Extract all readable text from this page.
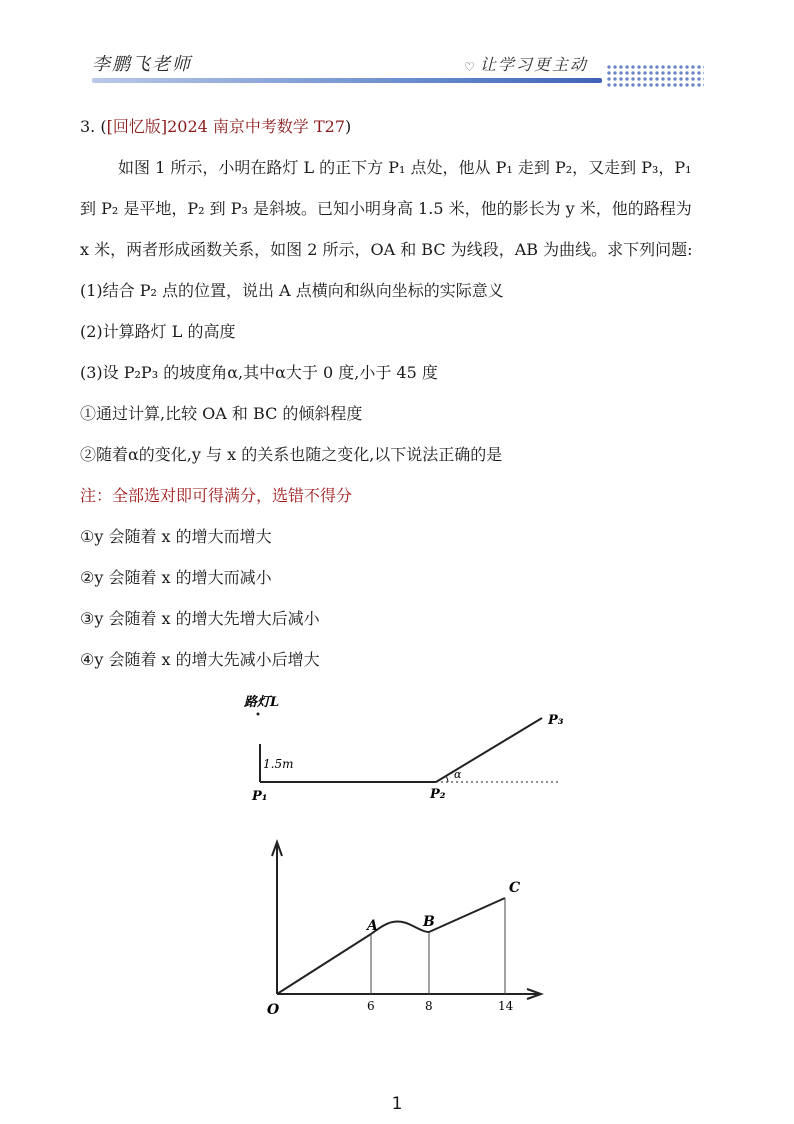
李鹏飞老师	♡ 让学习更主动
3. ([回忆版]2024 南京中考数学 T27)
如图 1 所示，小明在路灯 L 的正下方 P₁ 点处，他从 P₁ 走到 P₂，又走到 P₃，P₁
到 P₂ 是平地，P₂ 到 P₃ 是斜坡。已知小明身高 1.5 米，他的影长为 y 米，他的路程为
x 米，两者形成函数关系，如图 2 所示，OA 和 BC 为线段，AB 为曲线。求下列问题:
(1)结合 P₂ 点的位置，说出 A 点横向和纵向坐标的实际意义
(2)计算路灯 L 的高度
(3)设 P₂P₃ 的坡度角α,其中α大于 0 度,小于 45 度
①通过计算,比较 OA 和 BC 的倾斜程度
②随着α的变化,y 与 x 的关系也随之变化,以下说法正确的是
注：全部选对即可得满分，选错不得分
①y 会随着 x 的增大而增大
②y 会随着 x 的增大而减小
③y 会随着 x 的增大先增大后减小
④y 会随着 x 的增大先减小后增大
路灯L
1.5m
α
P₁	P₂
P₃
O
A	B
C
6	8	14
1
